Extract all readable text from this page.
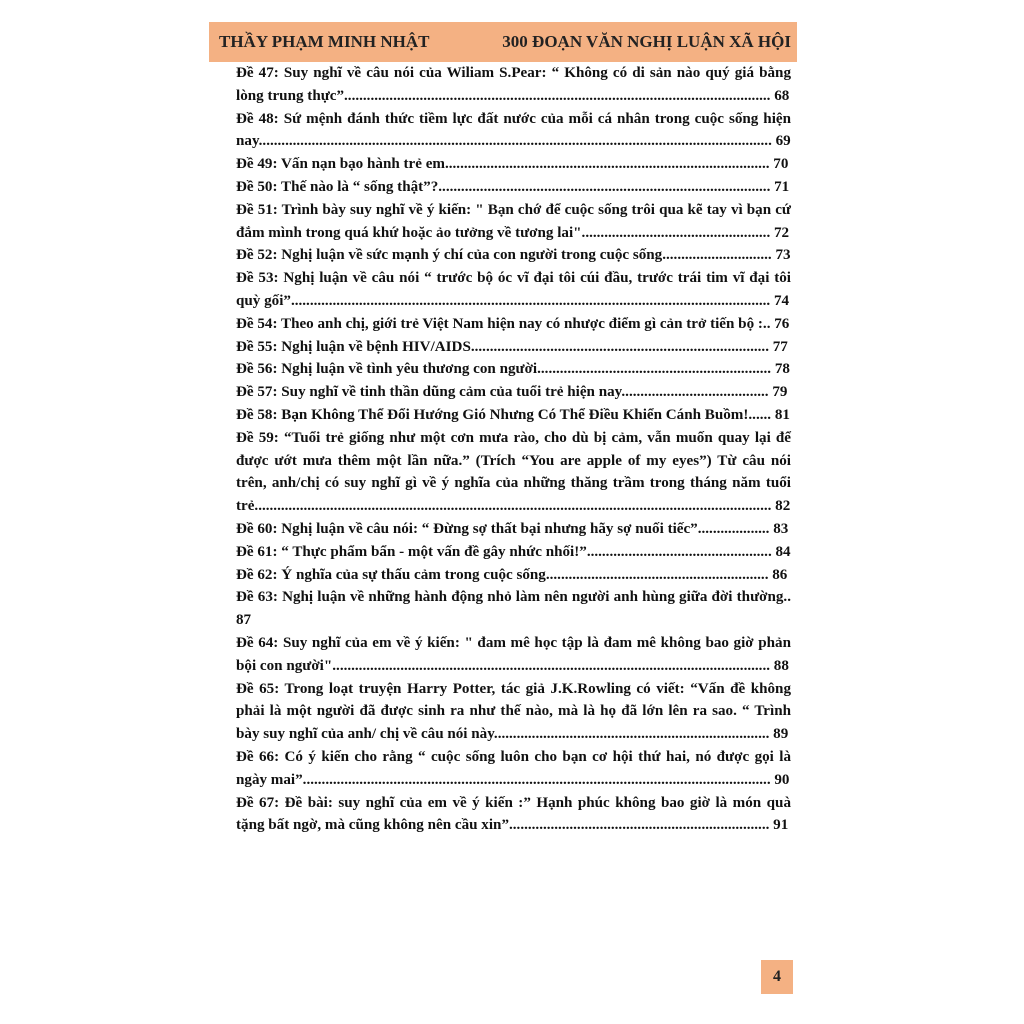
THẦY PHẠM MINH NHẬT	300 ĐOẠN VĂN NGHỊ LUẬN XÃ HỘI
Đề 47: Suy nghĩ về câu nói của Wiliam S.Pear: “ Không có di sản nào quý giá bằng lòng trung thực”................................................................................................................. 68
Đề 48: Sứ mệnh đánh thức tiềm lực đất nước của mỗi cá nhân trong cuộc sống hiện nay........................................................................................................................................ 69
Đề 49: Vấn nạn bạo hành trẻ em...................................................................................... 70
Đề 50: Thế nào là “ sống thật”?........................................................................................ 71
Đề 51: Trình bày suy nghĩ về ý kiến: " Bạn chớ để cuộc sống trôi qua kẽ tay vì bạn cứ đắm mình trong quá khứ hoặc ảo tưởng về tương lai".................................................. 72
Đề 52: Nghị luận về sức mạnh ý chí của con người trong cuộc sống............................. 73
Đề 53: Nghị luận về câu nói “ trước bộ óc vĩ đại tôi cúi đầu, trước trái tim vĩ đại tôi quỳ gối”............................................................................................................................... 74
Đề 54: Theo anh chị, giới trẻ Việt Nam hiện nay có nhược điểm gì cản trở tiến bộ :.. 76
Đề 55: Nghị luận về bệnh HIV/AIDS............................................................................... 77
Đề 56: Nghị luận về tình yêu thương con người.............................................................. 78
Đề 57: Suy nghĩ về tinh thần dũng cảm của tuổi trẻ hiện nay....................................... 79
Đề 58: Bạn Không Thể Đổi Hướng Gió Nhưng Có Thể Điều Khiển Cánh Buồm!...... 81
Đề 59: “Tuổi trẻ giống như một cơn mưa rào, cho dù bị cảm, vẫn muốn quay lại để được ướt mưa thêm một lần nữa.” (Trích “You are apple of my eyes”) Từ câu nói trên, anh/chị có suy nghĩ gì về ý nghĩa của những thăng trầm trong tháng năm tuổi trẻ......................................................................................................................................... 82
Đề 60: Nghị luận về câu nói: “ Đừng sợ thất bại nhưng hãy sợ nuối tiếc”................... 83
Đề 61: “ Thực phẩm bẩn - một vấn đề gây nhức nhối!”................................................. 84
Đề 62: Ý nghĩa của sự thấu cảm trong cuộc sống........................................................... 86
Đề 63: Nghị luận về những hành động nhỏ làm nên người anh hùng giữa đời thường.. 87
Đề 64: Suy nghĩ của em về ý kiến: " đam mê học tập là đam mê không bao giờ phản bội con người".................................................................................................................... 88
Đề 65: Trong loạt truyện Harry Potter, tác giả J.K.Rowling có viết: “Vấn đề không phải là một người đã được sinh ra như thế nào, mà là họ đã lớn lên ra sao. “ Trình bày suy nghĩ của anh/ chị về câu nói này......................................................................... 89
Đề 66: Có ý kiến cho rằng “ cuộc sống luôn cho bạn cơ hội thứ hai, nó được gọi là ngày mai”............................................................................................................................ 90
Đề 67: Đề bài: suy nghĩ của em về ý kiến :” Hạnh phúc không bao giờ là món quà tặng bất ngờ, mà cũng không nên cầu xin”..................................................................... 91
4
